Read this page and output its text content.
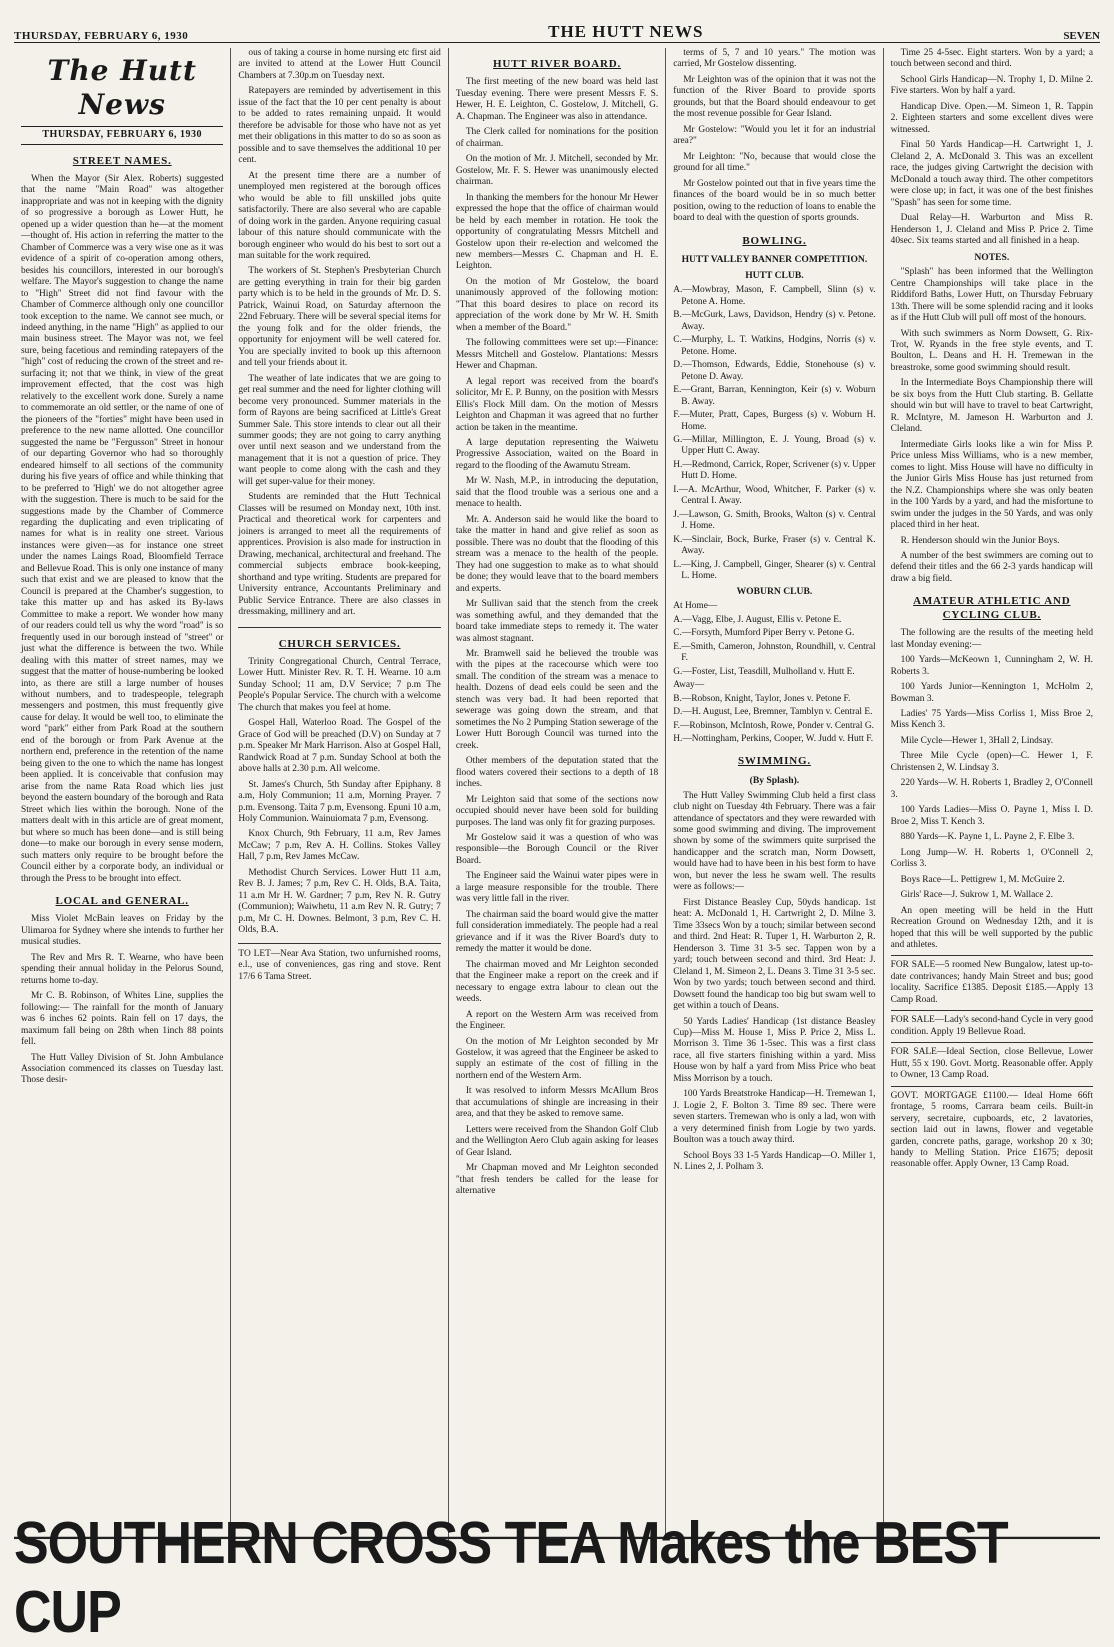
THURSDAY, FEBRUARY 6, 1930	THE HUTT NEWS	SEVEN
The Hutt News
THURSDAY, FEBRUARY 6, 1930
STREET NAMES.

When the Mayor (Sir Alex. Roberts) suggested that the name "Main Road" was altogether inappropriate and was not in keeping with the dignity of so progressive a borough as Lower Hutt, he opened up a wider question than he—at the moment—thought of. His action in referring the matter to the Chamber of Commerce was a very wise one as it was evidence of a spirit of co-operation among others, besides his councillors, interested in our borough's welfare. The Mayor's suggestion to change the name to "High" Street did not find favour with the Chamber of Commerce although only one councillor took exception to the name. We cannot see much, or indeed anything, in the name "High" as applied to our main business street. The Mayor was not, we feel sure, being facetious and reminding ratepayers of the "high" cost of reducing the crown of the street and re-surfacing it; not that we think, in view of the great improvement effected, that the cost was high relatively to the excellent work done. Surely a name to commemorate an old settler, or the name of one of the pioneers of the "forties" might have been used in preference to the new name allotted. One councillor suggested the name be "Fergusson" Street in honour of our departing Governor who had so thoroughly endeared himself to all sections of the community during his five years of office and while thinking that to be preferred to 'High' we do not altogether agree with the suggestion. There is much to be said for the suggestions made by the Chamber of Commerce regarding the duplicating and even triplicating of names for what is in reality one street. Various instances were given—as for instance one street under the names Laings Road, Bloomfield Terrace and Bellevue Road. This is only one instance of many such that exist and we are pleased to know that the Council is prepared at the Chamber's suggestion, to take this matter up and has asked its By-laws Committee to make a report. We wonder how many of our readers could tell us why the word "road" is so frequently used in our borough instead of "street" or just what the difference is between the two. While dealing with this matter of street names, may we suggest that the matter of house-numbering be looked into, as there are still a large number of houses without numbers, and to tradespeople, telegraph messengers and postmen, this must frequently give cause for delay. It would be well too, to eliminate the word "park" either from Park Road at the southern end of the borough or from Park Avenue at the northern end, preference in the retention of the name being given to the one to which the name has longest been applied. It is conceivable that confusion may arise from the name Rata Road which lies just beyond the eastern boundary of the borough and Rata Street which lies within the borough. None of the matters dealt with in this article are of great moment, but where so much has been done—and is still being done—to make our borough in every sense modern, such matters only require to be brought before the Council either by a corporate body, an individual or through the Press to be brought into effect.

LOCAL and GENERAL.

Miss Violet McBain leaves on Friday by the Ulimaroa for Sydney where she intends to further her musical studies.

The Rev and Mrs R. T. Wearne, who have been spending their annual holiday in the Pelorus Sound, returns home to-day.

Mr C. B. Robinson, of Whites Line, supplies the following:— The rainfall for the month of January was 6 inches 62 points. Rain fell on 17 days, the maximum fall being on 28th when 1inch 88 points fell.

The Hutt Valley Division of St. John Ambulance Association commenced its classes on Tuesday last. Those desir-

ous of taking a course in home nursing etc first aid are invited to attend at the Lower Hutt Council Chambers at 7.30p.m on Tuesday next.

Ratepayers are reminded by advertisement in this issue of the fact that the 10 per cent penalty is about to be added to rates remaining unpaid. It would therefore be advisable for those who have not as yet met their obligations in this matter to do so as soon as possible and to save themselves the additional 10 per cent.

At the present time there are a number of unemployed men registered at the borough offices who would be able to fill unskilled jobs quite satisfactorily. There are also several who are capable of doing work in the garden. Anyone requiring casual labour of this nature should communicate with the borough engineer who would do his best to sort out a man suitable for the work required.

The workers of St. Stephen's Presbyterian Church are getting everything in train for their big garden party which is to be held in the grounds of Mr. D. S. Patrick, Wainui Road, on Saturday afternoon the 22nd February. There will be several special items for the young folk and for the older friends, the opportunity for enjoyment will be well catered for. You are specially invited to book up this afternoon and tell your friends about it.

The weather of late indicates that we are going to get real summer and the need for lighter clothing will become very pronounced. Summer materials in the form of Rayons are being sacrificed at Little's Great Summer Sale. This store intends to clear out all their summer goods; they are not going to carry anything over until next season and we understand from the management that it is not a question of price. They want people to come along with the cash and they will get super-value for their money.

Students are reminded that the Hutt Technical Classes will be resumed on Monday next, 10th inst. Practical and theoretical work for carpenters and joiners is arranged to meet all the requirements of apprentices. Provision is also made for instruction in Drawing, mechanical, architectural and freehand. The commercial subjects embrace book-keeping, shorthand and type writing. Students are prepared for University entrance, Accountants Preliminary and Public Service Entrance. There are also classes in dressmaking, millinery and art.

CHURCH SERVICES.

Trinity Congregational Church, Central Terrace, Lower Hutt. Minister Rev. R. T. H. Wearne. 10 a.m Sunday School; 11 am, D.V Service; 7 p.m The People's Popular Service. The church with a welcome The church that makes you feel at home.

Gospel Hall, Waterloo Road. The Gospel of the Grace of God will be preached (D.V) on Sunday at 7 p.m. Speaker Mr Mark Harrison. Also at Gospel Hall, Randwick Road at 7 p.m. Sunday School at both the above halls at 2.30 p.m. All welcome.

St. James's Church, 5th Sunday after Epiphany. 8 a.m, Holy Communion; 11 a.m, Morning Prayer. 7 p.m. Evensong. Taita 7 p.m, Evensong. Epuni 10 a.m, Holy Communion. Wainuiomata 7 p.m, Evensong.

Knox Church, 9th February, 11 a.m, Rev James McCaw; 7 p.m, Rev A. H. Collins. Stokes Valley Hall, 7 p.m, Rev James McCaw.

Methodist Church Services. Lower Hutt 11 a.m, Rev B. J. James; 7 p.m, Rev C. H. Olds, B.A. Taita, 11 a.m Mr H. W. Gardner; 7 p.m, Rev N. R. Gutry (Communion); Waiwhetu, 11 a.m Rev N. R. Gutry; 7 p.m, Mr C. H. Downes. Belmont, 3 p.m, Rev C. H. Olds, B.A.

TO LET—Near Ava Station, two unfurnished rooms, e.l., use of conveniences, gas ring and stove. Rent 17/6 6 Tama Street.

HUTT RIVER BOARD.

The first meeting of the new board was held last Tuesday evening. There were present Messrs F. S. Hewer, H. E. Leighton, C. Gostelow, J. Mitchell, G. A. Chapman. The Engineer was also in attendance.

The Clerk called for nominations for the position of chairman.

On the motion of Mr. J. Mitchell, seconded by Mr. Gostelow, Mr. F. S. Hewer was unanimously elected chairman.

In thanking the members for the honour Mr Hewer expressed the hope that the office of chairman would be held by each member in rotation. He took the opportunity of congratulating Messrs Mitchell and Gostelow upon their re-election and welcomed the new members—Messrs C. Chapman and H. E. Leighton.

On the motion of Mr Gostelow, the board unanimously approved of the following motion: "That this board desires to place on record its appreciation of the work done by Mr W. H. Smith when a member of the Board."

The following committees were set up:—Finance: Messrs Mitchell and Gostelow. Plantations: Messrs Hewer and Chapman.

A legal report was received from the board's solicitor, Mr E. P. Bunny, on the position with Messrs Ellis's Flock Mill dam. On the motion of Messrs Leighton and Chapman it was agreed that no further action be taken in the meantime.

A large deputation representing the Waiwetu Progressive Association, waited on the Board in regard to the flooding of the Awamutu Stream.

Mr W. Nash, M.P., in introducing the deputation, said that the flood trouble was a serious one and a menace to health.

Mr. A. Anderson said he would like the board to take the matter in hand and give relief as soon as possible. There was no doubt that the flooding of this stream was a menace to the health of the people. They had one suggestion to make as to what should be done; they would leave that to the board members and experts.

Mr Sullivan said that the stench from the creek was something awful, and they demanded that the board take immediate steps to remedy it. The water was almost stagnant.

Mr. Bramwell said he believed the trouble was with the pipes at the racecourse which were too small. The condition of the stream was a menace to health. Dozens of dead eels could be seen and the stench was very bad. It had been reported that sewerage was going down the stream, and that sometimes the No 2 Pumping Station sewerage of the Lower Hutt Borough Council was turned into the creek.

Other members of the deputation stated that the flood waters covered their sections to a depth of 18 inches.

Mr Leighton said that some of the sections now occupied should never have been sold for building purposes. The land was only fit for grazing purposes.

Mr Gostelow said it was a question of who was responsible—the Borough Council or the River Board.

The Engineer said the Wainui water pipes were in a large measure responsible for the trouble. There was very little fall in the river.

The chairman said the board would give the matter full consideration immediately. The people had a real grievance and if it was the River Board's duty to remedy the matter it would be done.

The chairman moved and Mr Leighton seconded that the Engineer make a report on the creek and if necessary to engage extra labour to clean out the weeds.

A report on the Western Arm was received from the Engineer.

On the motion of Mr Leighton seconded by Mr Gostelow, it was agreed that the Engineer be asked to supply an estimate of the cost of filling in the northern end of the Western Arm.

It was resolved to inform Messrs McAllum Bros that accumulations of shingle are increasing in their area, and that they be asked to remove same.

Letters were received from the Shandon Golf Club and the Wellington Aero Club again asking for leases of Gear Island.

Mr Chapman moved and Mr Leighton seconded "that fresh tenders be called for the lease for alternative

terms of 5, 7 and 10 years." The motion was carried, Mr Gostelow dissenting.

Mr Leighton was of the opinion that it was not the function of the River Board to provide sports grounds, but that the Board should endeavour to get the most revenue possible for Gear Island.

Mr Gostelow: "Would you let it for an industrial area?"

Mr Leighton: "No, because that would close the ground for all time."

Mr Gostelow pointed out that in five years time the finances of the board would be in so much better position, owing to the reduction of loans to enable the board to deal with the question of sports grounds.

BOWLING.
HUTT VALLEY BANNER COMPETITION.
HUTT CLUB.

A.—Mowbray, Mason, F. Campbell, Slinn (s) v. Petone A. Home.

B.—McGurk, Laws, Davidson, Hendry (s) v. Petone. Away.

C.—Murphy, L. T. Watkins, Hodgins, Norris (s) v. Petone. Home.

D.—Thomson, Edwards, Eddie, Stonehouse (s) v. Petone D. Away.

E.—Grant, Barran, Kennington, Keir (s) v. Woburn B. Away.

F.—Muter, Pratt, Capes, Burgess (s) v. Woburn H. Home.

G.—Millar, Millington, E. J. Young, Broad (s) v. Upper Hutt C. Away.

H.—Redmond, Carrick, Roper, Scrivener (s) v. Upper Hutt D. Home.

I.—A. McArthur, Wood, Whitcher, F. Parker (s) v. Central I. Away.

J.—Lawson, G. Smith, Brooks, Walton (s) v. Central J. Home.

K.—Sinclair, Bock, Burke, Fraser (s) v. Central K. Away.

L.—King, J. Campbell, Ginger, Shearer (s) v. Central L. Home.

WOBURN CLUB.

At Home—

A.—Vagg, Elbe, J. August, Ellis v. Petone E.

C.—Forsyth, Mumford Piper Berry v. Petone G.

E.—Smith, Cameron, Johnston, Roundhill, v. Central F.

G.—Foster, List, Teasdill, Mulholland v. Hutt E.

Away—

B.—Robson, Knight, Taylor, Jones v. Petone F.

D.—H. August, Lee, Bremner, Tamblyn v. Central E.

F.—Robinson, McIntosh, Rowe, Ponder v. Central G.

H.—Nottingham, Perkins, Cooper, W. Judd v. Hutt F.

SWIMMING.
(By Splash).

The Hutt Valley Swimming Club held a first class club night on Tuesday 4th February. There was a fair attendance of spectators and they were rewarded with some good swimming and diving. The improvement shown by some of the swimmers quite surprised the handicapper and the scratch man, Norm Dowsett, would have had to have been in his best form to have won, but never the less he swam well. The results were as follows:—

First Distance Beasley Cup, 50yds handicap. 1st heat: A. McDonald 1, H. Cartwright 2, D. Milne 3. Time 33secs Won by a touch; similar between second and third. 2nd Heat: R. Tuper 1, H. Warburton 2, R. Henderson 3. Time 31 3-5 sec. Tappen won by a yard; touch between second and third. 3rd Heat: J. Cleland 1, M. Simeon 2, L. Deans 3. Time 31 3-5 sec. Won by two yards; touch between second and third. Dowsett found the handicap too big but swam well to get within a touch of Deans.

50 Yards Ladies' Handicap (1st distance Beasley Cup)—Miss M. House 1, Miss P. Price 2, Miss L. Morrison 3. Time 36 1-5sec. This was a first class race, all five starters finishing within a yard. Miss House won by half a yard from Miss Price who beat Miss Morrison by a touch.

100 Yards Breatstroke Handicap—H. Tremewan 1, J. Logie 2, F. Bolton 3. Time 89 sec. There were seven starters. Tremewan who is only a lad, won with a very determined finish from Logie by two yards. Boulton was a touch away third.

School Boys 33 1-5 Yards Handicap—O. Miller 1, N. Lines 2, J. Polham 3.

Time 25 4-5sec. Eight starters. Won by a yard; a touch between second and third.

School Girls Handicap—N. Trophy 1, D. Milne 2. Five starters. Won by half a yard.

Handicap Dive. Open.—M. Simeon 1, R. Tappin 2. Eighteen starters and some excellent dives were witnessed.

Final 50 Yards Handicap—H. Cartwright 1, J. Cleland 2, A. McDonald 3. This was an excellent race, the judges giving Cartwright the decision with McDonald a touch away third. The other competitors were close up; in fact, it was one of the best finishes "Spash" has seen for some time.

Dual Relay—H. Warburton and Miss R. Henderson 1, J. Cleland and Miss P. Price 2. Time 40sec. Six teams started and all finished in a heap.

NOTES.

"Splash" has been informed that the Wellington Centre Championships will take place in the Riddiford Baths, Lower Hutt, on Thursday February 13th. There will be some splendid racing and it looks as if the Hutt Club will pull off most of the honours.

With such swimmers as Norm Dowsett, G. Rix-Trot, W. Ryands in the free style events, and T. Boulton, L. Deans and H. H. Tremewan in the breastroke, some good swimming should result.

In the Intermediate Boys Championship there will be six boys from the Hutt Club starting. B. Gellatte should win but will have to travel to beat Cartwright, R. McIntyre, M. Jameson H. Warburton and J. Cleland.

Intermediate Girls looks like a win for Miss P. Price unless Miss Williams, who is a new member, comes to light. Miss House will have no difficulty in the Junior Girls Miss House has just returned from the N.Z. Championships where she was only beaten in the 100 Yards by a yard, and had the misfortune to swim under the judges in the 50 Yards, and was only placed third in her heat.

R. Henderson should win the Junior Boys.

A number of the best swimmers are coming out to defend their titles and the 66 2-3 yards handicap will draw a big field.

AMATEUR ATHLETIC AND CYCLING CLUB.

The following are the results of the meeting held last Monday evening:—

100 Yards—McKeown 1, Cunningham 2, W. H. Roberts 3.

100 Yards Junior—Kennington 1, McHolm 2, Bowman 3.

Ladies' 75 Yards—Miss Corliss 1, Miss Broe 2, Miss Kench 3.

Mile Cycle—Hewer 1, 3Hall 2, Lindsay.

Three Mile Cycle (open)—C. Hewer 1, F. Christensen 2, W. Lindsay 3.

220 Yards—W. H. Roberts 1, Bradley 2, O'Connell 3.

100 Yards Ladies—Miss O. Payne 1, Miss I. D. Broe 2, Miss T. Kench 3.

880 Yards—K. Payne 1, L. Payne 2, F. Elbe 3.

Long Jump—W. H. Roberts 1, O'Connell 2, Corliss 3.

Boys Race—L. Pettigrew 1, M. McGuire 2.

Girls' Race—J. Sukrow 1, M. Wallace 2.

An open meeting will be held in the Hutt Recreation Ground on Wednesday 12th, and it is hoped that this will be well supported by the public and athletes.

FOR SALE—5 roomed New Bungalow, latest up-to-date contrivances; handy Main Street and bus; good locality. Sacrifice £1385. Deposit £185.—Apply 13 Camp Road.

FOR SALE—Lady's second-hand Cycle in very good condition. Apply 19 Bellevue Road.

FOR SALE—Ideal Section, close Bellevue, Lower Hutt, 55 x 190. Govt. Mortg. Reasonable offer. Apply to Owner, 13 Camp Road.

GOVT. MORTGAGE £1100.— Ideal Home 66ft frontage, 5 rooms, Carrara beam ceils. Built-in servery, secretaire, cupboards, etc, 2 lavatories, section laid out in lawns, flower and vegetable garden, concrete paths, garage, workshop 20 x 30; handy to Melling Station. Price £1675; deposit reasonable offer. Apply Owner, 13 Camp Road.

SOUTHERN CROSS TEA Makes the BEST CUP
